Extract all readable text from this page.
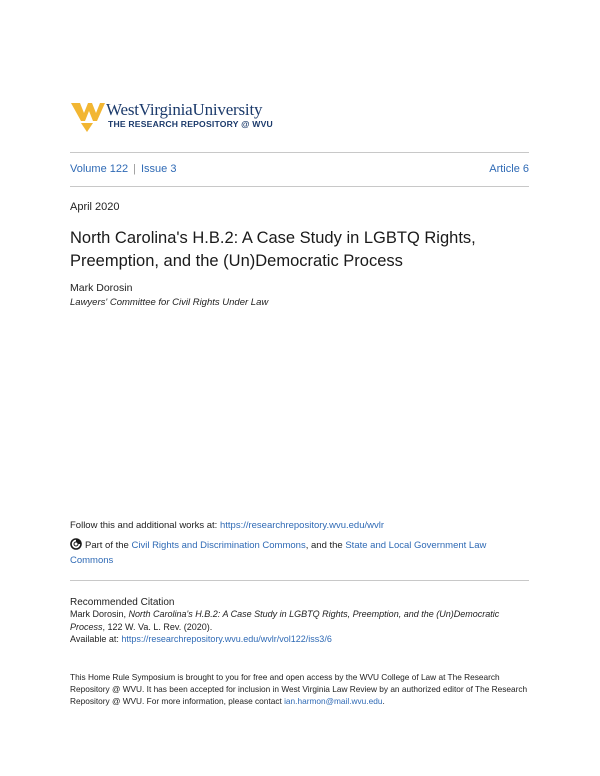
WestVirginiaUniversity
THE RESEARCH REPOSITORY @ WVU
Volume 122 | Issue 3	Article 6
April 2020
North Carolina's H.B.2: A Case Study in LGBTQ Rights, Preemption, and the (Un)Democratic Process
Mark Dorosin
Lawyers' Committee for Civil Rights Under Law
Follow this and additional works at: https://researchrepository.wvu.edu/wvlr
Part of the Civil Rights and Discrimination Commons, and the State and Local Government Law Commons
Recommended Citation
Mark Dorosin, North Carolina's H.B.2: A Case Study in LGBTQ Rights, Preemption, and the (Un)Democratic Process, 122 W. Va. L. Rev. (2020).
Available at: https://researchrepository.wvu.edu/wvlr/vol122/iss3/6
This Home Rule Symposium is brought to you for free and open access by the WVU College of Law at The Research Repository @ WVU. It has been accepted for inclusion in West Virginia Law Review by an authorized editor of The Research Repository @ WVU. For more information, please contact ian.harmon@mail.wvu.edu.
